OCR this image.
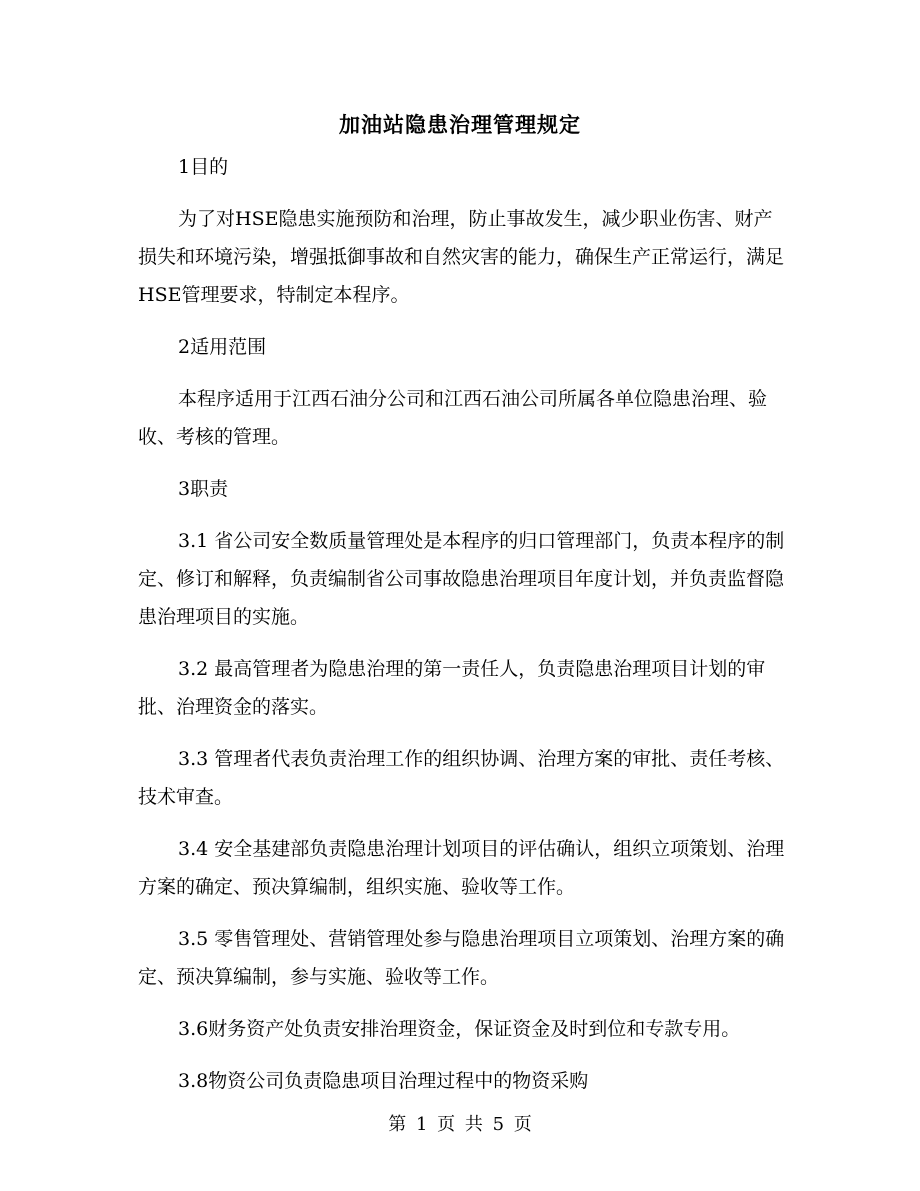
加油站隐患治理管理规定

1目的

为了对HSE隐患实施预防和治理，防止事故发生，减少职业伤害、财产损失和环境污染，增强抵御事故和自然灾害的能力，确保生产正常运行，满足HSE管理要求，特制定本程序。

2适用范围

本程序适用于江西石油分公司和江西石油公司所属各单位隐患治理、验收、考核的管理。

3职责

3.1 省公司安全数质量管理处是本程序的归口管理部门，负责本程序的制定、修订和解释，负责编制省公司事故隐患治理项目年度计划，并负责监督隐患治理项目的实施。

3.2 最高管理者为隐患治理的第一责任人，负责隐患治理项目计划的审批、治理资金的落实。

3.3 管理者代表负责治理工作的组织协调、治理方案的审批、责任考核、技术审查。

3.4 安全基建部负责隐患治理计划项目的评估确认，组织立项策划、治理方案的确定、预决算编制，组织实施、验收等工作。

3.5 零售管理处、营销管理处参与隐患治理项目立项策划、治理方案的确定、预决算编制，参与实施、验收等工作。

3.6财务资产处负责安排治理资金，保证资金及时到位和专款专用。

3.8物资公司负责隐患项目治理过程中的物资采购

第 1 页 共 5 页
